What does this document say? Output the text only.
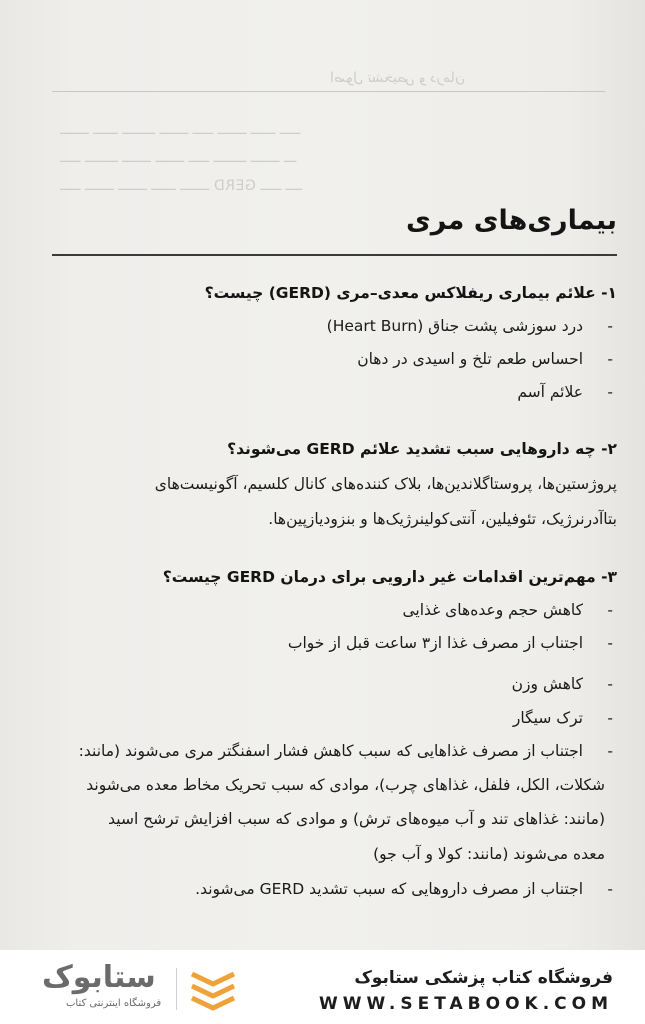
اصول تشخیص و درمان
ـــــــ ــــــ ــــــــ ـــــــ ـــــ ـــــــ ــــــ ـــــ
ـــــ ــــــــ ـــــــ ـــــــ ـــــ ــــــــ ـــــــ ـــ
ـــــ ـــــــ ـــــــ ــــــ ـــــــ GERD ـــــ ــــ
بیماری‌های مری
۱- علائم بیماری ریفلاکس معدی–مری (GERD) چیست؟
-درد سوزشی پشت جناق (Heart Burn)
-احساس طعم تلخ و اسیدی در دهان
-علائم آسم
۲- چه داروهایی سبب تشدید علائم GERD می‌شوند؟
پروژستین‌ها، پروستاگلاندین‌ها، بلاک کننده‌های کانال کلسیم، آگونیست‌های
بتاآدرنرژیک، تئوفیلین، آنتی‌کولینرژیک‌ها و بنزودیازپین‌ها.
۳- مهم‌ترین اقدامات غیر دارویی برای درمان GERD چیست؟
-کاهش حجم وعده‌های غذایی
-اجتناب از مصرف غذا از۳ ساعت قبل از خواب
-کاهش وزن
-ترک سیگار
-اجتناب از مصرف غذاهایی که سبب کاهش فشار اسفنگتر مری می‌شوند (مانند:
شکلات، الکل، فلفل، غذاهای چرب)، موادی که سبب تحریک مخاط معده می‌شوند
(مانند: غذاهای تند و آب میوه‌های ترش) و موادی که سبب افزایش ترشح اسید
معده می‌شوند (مانند: کولا و آب جو)
-اجتناب از مصرف داروهایی که سبب تشدید GERD می‌شوند.
ستابوک
فروشگاه اینترنتی کتاب
فروشگاه کتاب پزشکی ستابوک
WWW.SETABOOK.COM
